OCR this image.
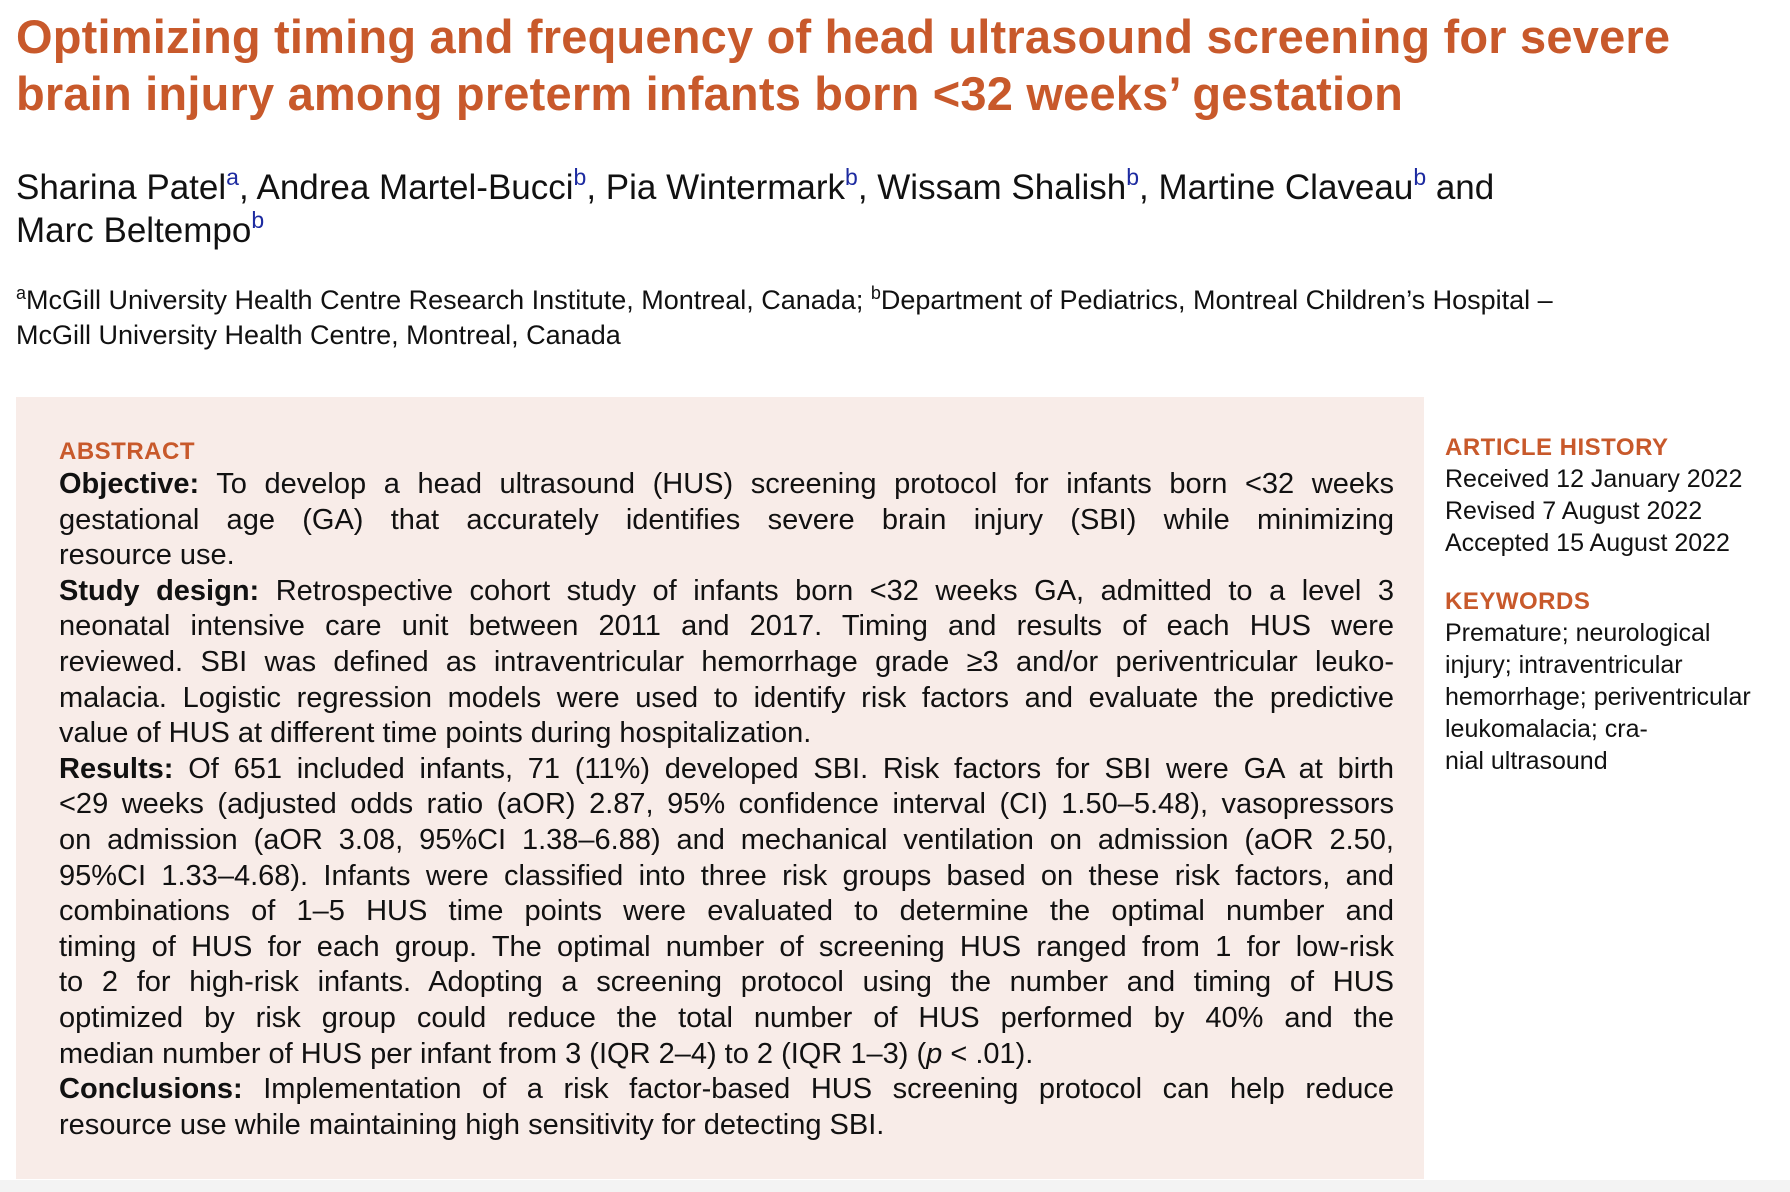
Optimizing timing and frequency of head ultrasound screening for severe
brain injury among preterm infants born <32 weeks’ gestation
Sharina Patel$^a$, Andrea Martel-Bucci$^b$, Pia Wintermark$^b$, Wissam Shalish$^b$, Martine Claveau$^b$ and
Marc Beltempo$^b$
$^a$McGill University Health Centre Research Institute, Montreal, Canada; $^b$Department of Pediatrics, Montreal Children’s Hospital –
McGill University Health Centre, Montreal, Canada
ABSTRACT
Objective: To develop a head ultrasound (HUS) screening protocol for infants born <32 weeks
gestational age (GA) that accurately identifies severe brain injury (SBI) while minimizing
resource use.
Study design: Retrospective cohort study of infants born <32 weeks GA, admitted to a level 3
neonatal intensive care unit between 2011 and 2017. Timing and results of each HUS were
reviewed. SBI was defined as intraventricular hemorrhage grade ≥3 and/or periventricular leuko-
malacia. Logistic regression models were used to identify risk factors and evaluate the predictive
value of HUS at different time points during hospitalization.
Results: Of 651 included infants, 71 (11%) developed SBI. Risk factors for SBI were GA at birth
<29 weeks (adjusted odds ratio (aOR) 2.87, 95% confidence interval (CI) 1.50–5.48), vasopressors
on admission (aOR 3.08, 95%CI 1.38–6.88) and mechanical ventilation on admission (aOR 2.50,
95%CI 1.33–4.68). Infants were classified into three risk groups based on these risk factors, and
combinations of 1–5 HUS time points were evaluated to determine the optimal number and
timing of HUS for each group. The optimal number of screening HUS ranged from 1 for low-risk
to 2 for high-risk infants. Adopting a screening protocol using the number and timing of HUS
optimized by risk group could reduce the total number of HUS performed by 40% and the
median number of HUS per infant from 3 (IQR 2–4) to 2 (IQR 1–3) (p < .01).
Conclusions: Implementation of a risk factor-based HUS screening protocol can help reduce
resource use while maintaining high sensitivity for detecting SBI.
ARTICLE HISTORY
Received 12 January 2022
Revised 7 August 2022
Accepted 15 August 2022
KEYWORDS
Premature; neurological
injury; intraventricular
hemorrhage; periventricular
leukomalacia; cra-
nial ultrasound
